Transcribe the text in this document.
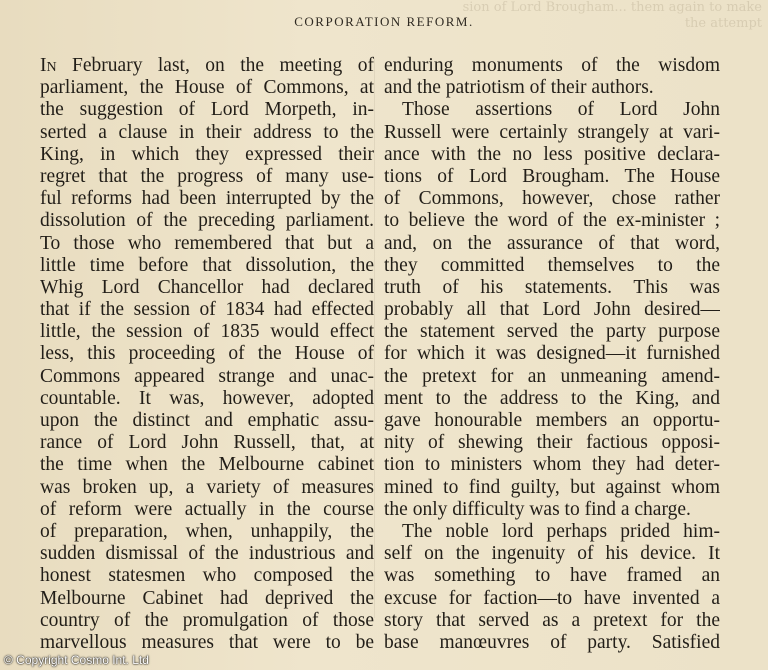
sion of Lord Brougham... them again to make the attempt
CORPORATION REFORM.
In February last, on the meeting of
parliament, the House of Commons, at
the suggestion of Lord Morpeth, in-
serted a clause in their address to the
King, in which they expressed their
regret that the progress of many use-
ful reforms had been interrupted by the
dissolution of the preceding parliament.
To those who remembered that but a
little time before that dissolution, the
Whig Lord Chancellor had declared
that if the session of 1834 had effected
little, the session of 1835 would effect
less, this proceeding of the House of
Commons appeared strange and unac-
countable. It was, however, adopted
upon the distinct and emphatic assu-
rance of Lord John Russell, that, at
the time when the Melbourne cabinet
was broken up, a variety of measures
of reform were actually in the course
of preparation, when, unhappily, the
sudden dismissal of the industrious and
honest statesmen who composed the
Melbourne Cabinet had deprived the
country of the promulgation of those
marvellous measures that were to be
enduring monuments of the wisdom
and the patriotism of their authors.
Those assertions of Lord John
Russell were certainly strangely at vari-
ance with the no less positive declara-
tions of Lord Brougham. The House
of Commons, however, chose rather
to believe the word of the ex-minister ;
and, on the assurance of that word,
they committed themselves to the
truth of his statements. This was
probably all that Lord John desired—
the statement served the party purpose
for which it was designed—it furnished
the pretext for an unmeaning amend-
ment to the address to the King, and
gave honourable members an opportu-
nity of shewing their factious opposi-
tion to ministers whom they had deter-
mined to find guilty, but against whom
the only difficulty was to find a charge.
The noble lord perhaps prided him-
self on the ingenuity of his device. It
was something to have framed an
excuse for faction—to have invented a
story that served as a pretext for the
base manœuvres of party. Satisfied
© Copyright Cosmo Int. Ltd
